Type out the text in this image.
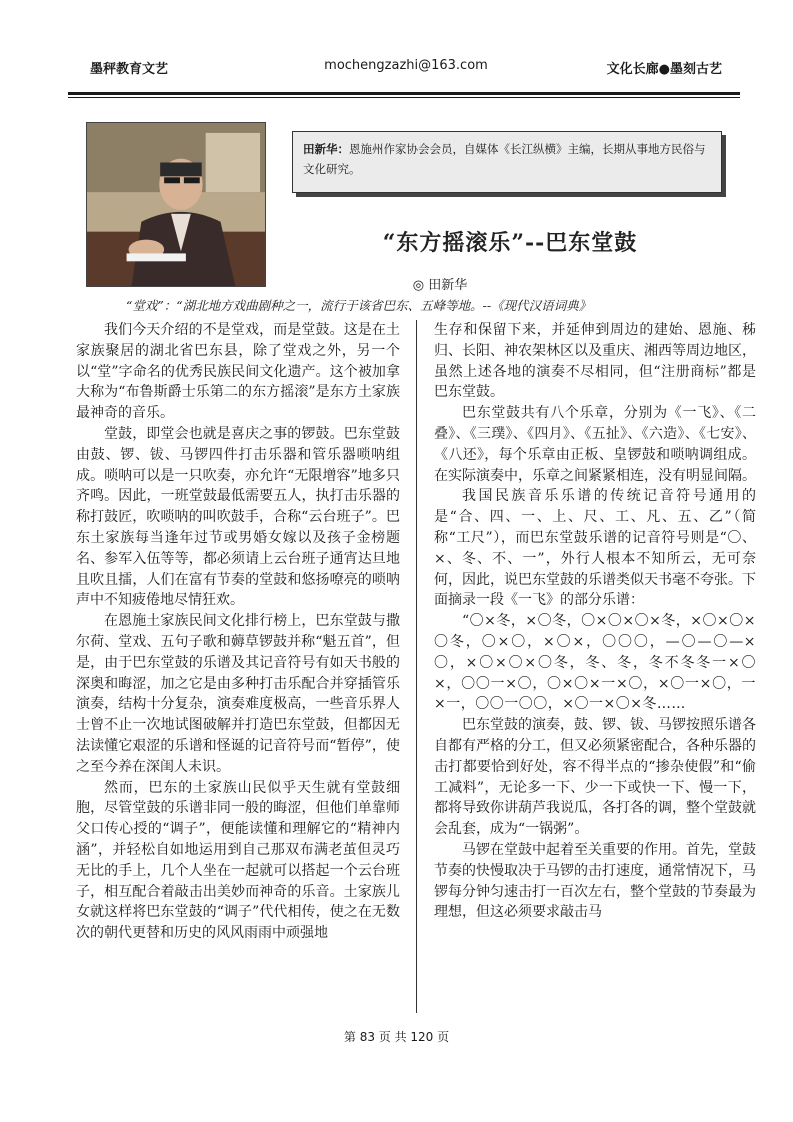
mochengzazhi@163.com
墨秤教育文艺	文化长廊●墨刻古艺
田新华：恩施州作家协会会员，自媒体《长江纵横》主编，长期从事地方民俗与文化研究。
“东方摇滚乐”--巴东堂鼓
◎ 田新华
“堂戏”：“湖北地方戏曲剧种之一，流行于该省巴东、五峰等地。--《现代汉语词典》

我们今天介绍的不是堂戏，而是堂鼓。这是在土家族聚居的湖北省巴东县，除了堂戏之外，另一个以“堂”字命名的优秀民族民间文化遗产。这个被加拿大称为“布鲁斯爵士乐第二的东方摇滚”是东方土家族最神奇的音乐。

堂鼓，即堂会也就是喜庆之事的锣鼓。巴东堂鼓由鼓、锣、钹、马锣四件打击乐器和管乐器唢呐组成。唢呐可以是一只吹奏，亦允许“无限增容”地多只齐鸣。因此，一班堂鼓最低需要五人，执打击乐器的称打鼓匠，吹唢呐的叫吹鼓手，合称“云台班子”。巴东土家族每当逢年过节或男婚女嫁以及孩子金榜题名、参军入伍等等，都必须请上云台班子通宵达旦地且吹且擂，人们在富有节奏的堂鼓和悠扬嘹亮的唢呐声中不知疲倦地尽情狂欢。

在恩施土家族民间文化排行榜上，巴东堂鼓与撒尔荷、堂戏、五句子歌和薅草锣鼓并称“魁五首”，但是，由于巴东堂鼓的乐谱及其记音符号有如天书般的深奥和晦涩，加之它是由多种打击乐配合并穿插管乐演奏，结构十分复杂，演奏难度极高，一些音乐界人士曾不止一次地试图破解并打造巴东堂鼓，但都因无法读懂它艰涩的乐谱和怪诞的记音符号而“暂停”，使之至今养在深闺人未识。

然而，巴东的土家族山民似乎天生就有堂鼓细胞，尽管堂鼓的乐谱非同一般的晦涩，但他们单靠师父口传心授的“调子”，便能读懂和理解它的“精神内涵”，并轻松自如地运用到自己那双布满老茧但灵巧无比的手上，几个人坐在一起就可以搭起一个云台班子，相互配合着敲击出美妙而神奇的乐音。土家族儿女就这样将巴东堂鼓的“调子”代代相传，使之在无数次的朝代更替和历史的风风雨雨中顽强地

生存和保留下来，并延伸到周边的建始、恩施、秭归、长阳、神农架林区以及重庆、湘西等周边地区，虽然上述各地的演奏不尽相同，但“注册商标”都是巴东堂鼓。

巴东堂鼓共有八个乐章，分别为《一飞》、《二叠》、《三璞》、《四月》、《五扯》、《六造》、《七安》、《八还》，每个乐章由正板、皇锣鼓和唢呐调组成。在实际演奏中，乐章之间紧紧相连，没有明显间隔。

我国民族音乐乐谱的传统记音符号通用的是“合、四、一、上、尺、工、凡、五、乙”（简称“工尺”），而巴东堂鼓乐谱的记音符号则是“〇、×、冬、不、一”，外行人根本不知所云，无可奈何，因此，说巴东堂鼓的乐谱类似天书毫不夸张。下面摘录一段《一飞》的部分乐谱：

“〇×冬，×〇冬，〇×〇×〇×冬，×〇×〇×〇冬，〇×〇，×〇×，〇〇〇，—〇—〇—×〇，×〇×〇×〇冬，冬、冬，冬不冬冬一×〇×，〇〇一×〇，〇×〇×一×〇，×〇一×〇，一×一，〇〇一〇〇，×〇一×〇×冬……

巴东堂鼓的演奏，鼓、锣、钹、马锣按照乐谱各自都有严格的分工，但又必须紧密配合，各种乐器的击打都要恰到好处，容不得半点的“掺杂使假”和“偷工减料”，无论多一下、少一下或快一下、慢一下，都将导致你讲葫芦我说瓜，各打各的调，整个堂鼓就会乱套，成为“一锅粥”。

马锣在堂鼓中起着至关重要的作用。首先，堂鼓节奏的快慢取决于马锣的击打速度，通常情况下，马锣每分钟匀速击打一百次左右，整个堂鼓的节奏最为理想，但这必须要求敲击马

第 83 页 共 120 页
